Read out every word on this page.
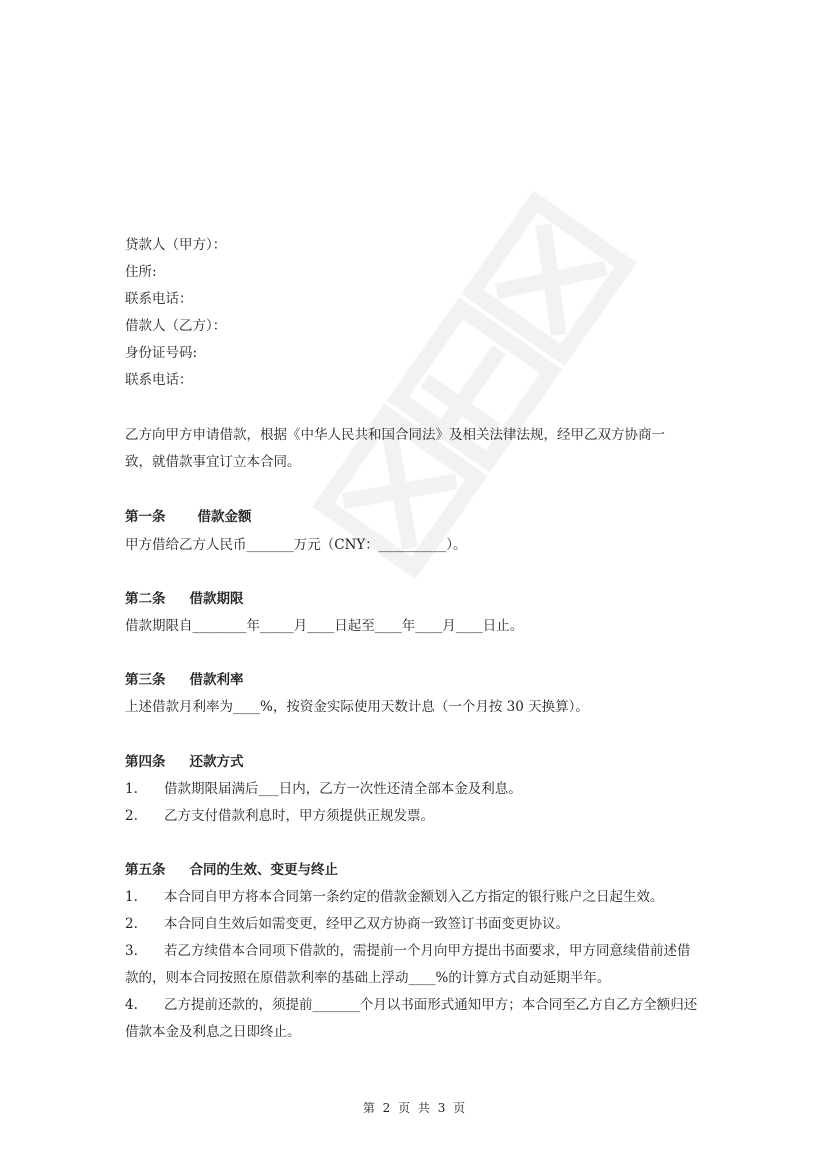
贷款人（甲方）：
住所:
联系电话：
借款人（乙方）：
身份证号码:
联系电话：
乙方向甲方申请借款，根据《中华人民共和国合同法》及相关法律法规，经甲乙双方协商一
致，就借款事宜订立本合同。
第一条 借款金额
甲方借给乙方人民币_______万元（CNY：__________）。
第二条 借款期限
借款期限自________年_____月____日起至____年____月____日止。
第三条 借款利率
上述借款月利率为____%，按资金实际使用天数计息（一个月按 30 天换算）。
第四条 还款方式
1. 借款期限届满后___日内，乙方一次性还清全部本金及利息。
2. 乙方支付借款利息时，甲方须提供正规发票。
第五条 合同的生效、变更与终止
1. 本合同自甲方将本合同第一条约定的借款金额划入乙方指定的银行账户之日起生效。
2. 本合同自生效后如需变更，经甲乙双方协商一致签订书面变更协议。
3. 若乙方续借本合同项下借款的，需提前一个月向甲方提出书面要求，甲方同意续借前述借
款的，则本合同按照在原借款利率的基础上浮动____%的计算方式自动延期半年。
4. 乙方提前还款的，须提前_______个月以书面形式通知甲方；本合同至乙方自乙方全额归还
借款本金及利息之日即终止。
第 2 页 共 3 页
